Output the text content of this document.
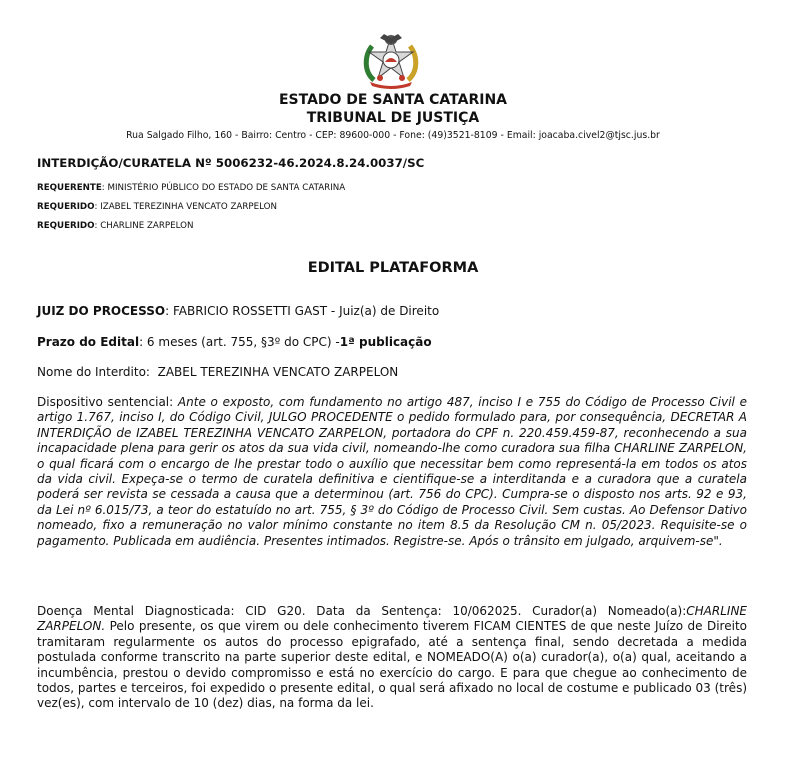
ESTADO DE SANTA CATARINA
TRIBUNAL DE JUSTIÇA
Rua Salgado Filho, 160 - Bairro: Centro - CEP: 89600-000 - Fone: (49)3521-8109 - Email: joacaba.civel2@tjsc.jus.br
INTERDIÇÃO/CURATELA Nº 5006232-46.2024.8.24.0037/SC
REQUERENTE: MINISTÉRIO PÚBLICO DO ESTADO DE SANTA CATARINA
REQUERIDO: IZABEL TEREZINHA VENCATO ZARPELON
REQUERIDO: CHARLINE ZARPELON
EDITAL PLATAFORMA
JUIZ DO PROCESSO: FABRICIO ROSSETTI GAST - Juiz(a) de Direito
Prazo do Edital: 6 meses (art. 755, §3º do CPC) -1ª publicação
Nome do Interdito: ZABEL TEREZINHA VENCATO ZARPELON
Dispositivo sentencial: Ante o exposto, com fundamento no artigo 487, inciso I e 755 do Código de Processo Civil e artigo 1.767, inciso I, do Código Civil, JULGO PROCEDENTE o pedido formulado para, por consequência, DECRETAR A INTERDIÇÃO de IZABEL TEREZINHA VENCATO ZARPELON, portadora do CPF n. 220.459.459-87, reconhecendo a sua incapacidade plena para gerir os atos da sua vida civil, nomeando-lhe como curadora sua filha CHARLINE ZARPELON, o qual ficará com o encargo de lhe prestar todo o auxílio que necessitar bem como representá-la em todos os atos da vida civil. Expeça-se o termo de curatela definitiva e cientifique-se a interditanda e a curadora que a curatela poderá ser revista se cessada a causa que a determinou (art. 756 do CPC). Cumpra-se o disposto nos arts. 92 e 93, da Lei nº 6.015/73, a teor do estatuído no art. 755, § 3º do Código de Processo Civil. Sem custas. Ao Defensor Dativo nomeado, fixo a remuneração no valor mínimo constante no item 8.5 da Resolução CM n. 05/2023. Requisite-se o pagamento. Publicada em audiência. Presentes intimados. Registre-se. Após o trânsito em julgado, arquivem-se".
Doença Mental Diagnosticada: CID G20. Data da Sentença: 10/062025. Curador(a) Nomeado(a):CHARLINE ZARPELON. Pelo presente, os que virem ou dele conhecimento tiverem FICAM CIENTES de que neste Juízo de Direito tramitaram regularmente os autos do processo epigrafado, até a sentença final, sendo decretada a medida postulada conforme transcrito na parte superior deste edital, e NOMEADO(A) o(a) curador(a), o(a) qual, aceitando a incumbência, prestou o devido compromisso e está no exercício do cargo. E para que chegue ao conhecimento de todos, partes e terceiros, foi expedido o presente edital, o qual será afixado no local de costume e publicado 03 (três) vez(es), com intervalo de 10 (dez) dias, na forma da lei.
